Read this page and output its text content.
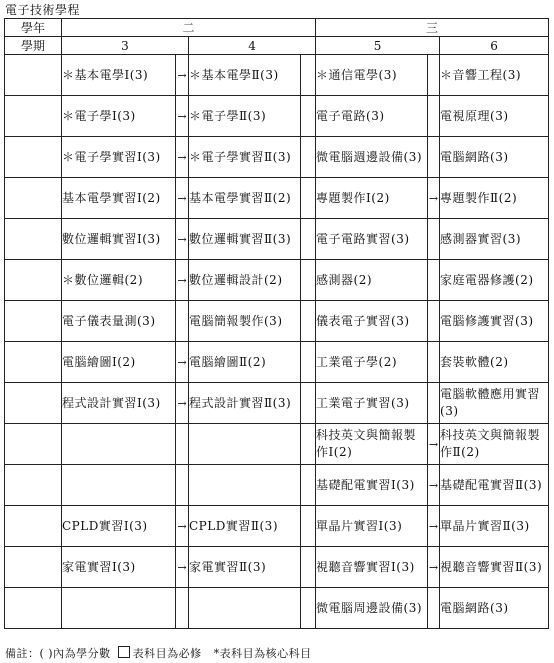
電子技術學程
學年	二				三		
學期	3		4		5		6
	＊基本電學Ⅰ(3)	→	＊基本電學Ⅱ(3)		＊通信電學(3)		＊音響工程(3)
	＊電子學Ⅰ(3)	→	＊電子學Ⅱ(3)		電子電路(3)		電視原理(3)
	＊電子學實習Ⅰ(3)	→	＊電子學實習Ⅱ(3)		微電腦週邊設備(3)		電腦網路(3)
	基本電學實習Ⅰ(2)	→	基本電學實習Ⅱ(2)		專題製作Ⅰ(2)	→	專題製作Ⅱ(2)
	數位邏輯實習Ⅰ(3)	→	數位邏輯實習Ⅱ(3)		電子電路實習(3)		感測器實習(3)
	＊數位邏輯(2)	→	數位邏輯設計(2)		感測器(2)		家庭電器修護(2)
	電子儀表量測(3)		電腦簡報製作(3)		儀表電子實習(3)		電腦修護實習(3)
	電腦繪圖Ⅰ(2)	→	電腦繪圖Ⅱ(2)		工業電子學(2)		套裝軟體(2)
	程式設計實習Ⅰ(3)	→	程式設計實習Ⅱ(3)		工業電子實習(3)		電腦軟體應用實習(3)
					科技英文與簡報製作Ⅰ(2)	→	科技英文與簡報製作Ⅱ(2)
					基礎配電實習Ⅰ(3)	→	基礎配電實習Ⅱ(3)
	CPLD實習Ⅰ(3)	→	CPLD實習Ⅱ(3)		單晶片實習Ⅰ(3)	→	單晶片實習Ⅱ(3)
	家電實習Ⅰ(3)	→	家電實習Ⅱ(3)		視聽音響實習Ⅰ(3)	→	視聽音響實習Ⅱ(3)
					微電腦周邊設備(3)		電腦網路(3)
備註：( )內為學分數 表科目為必修 *表科目為核心科目
